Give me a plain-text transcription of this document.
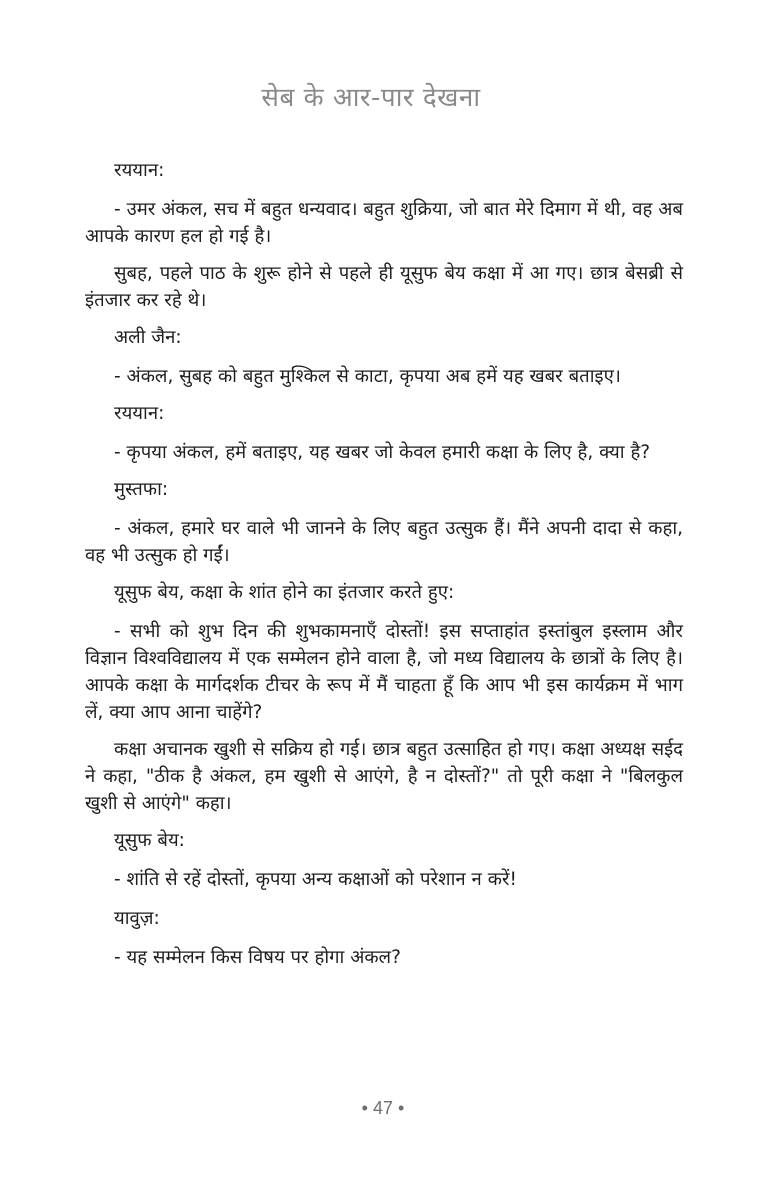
सेब के आर-पार देखना

रययान:

- उमर अंकल, सच में बहुत धन्यवाद। बहुत शुक्रिया, जो बात मेरे दिमाग में थी, वह अब आपके कारण हल हो गई है।

सुबह, पहले पाठ के शुरू होने से पहले ही यूसुफ बेय कक्षा में आ गए। छात्र बेसब्री से इंतजार कर रहे थे।

अली जैन:

- अंकल, सुबह को बहुत मुश्किल से काटा, कृपया अब हमें यह खबर बताइए।

रययान:

- कृपया अंकल, हमें बताइए, यह खबर जो केवल हमारी कक्षा के लिए है, क्या है?

मुस्तफा:

- अंकल, हमारे घर वाले भी जानने के लिए बहुत उत्सुक हैं। मैंने अपनी दादा से कहा, वह भी उत्सुक हो गईं।

यूसुफ बेय, कक्षा के शांत होने का इंतजार करते हुए:

- सभी को शुभ दिन की शुभकामनाएँ दोस्तों! इस सप्ताहांत इस्तांबुल इस्लाम और विज्ञान विश्वविद्यालय में एक सम्मेलन होने वाला है, जो मध्य विद्यालय के छात्रों के लिए है। आपके कक्षा के मार्गदर्शक टीचर के रूप में मैं चाहता हूँ कि आप भी इस कार्यक्रम में भाग लें, क्या आप आना चाहेंगे?

कक्षा अचानक खुशी से सक्रिय हो गई। छात्र बहुत उत्साहित हो गए। कक्षा अध्यक्ष सईद ने कहा, "ठीक है अंकल, हम खुशी से आएंगे, है न दोस्तों?" तो पूरी कक्षा ने "बिलकुल खुशी से आएंगे" कहा।

यूसुफ बेय:

- शांति से रहें दोस्तों, कृपया अन्य कक्षाओं को परेशान न करें!

यावुज़:

- यह सम्मेलन किस विषय पर होगा अंकल?

• 47 •
